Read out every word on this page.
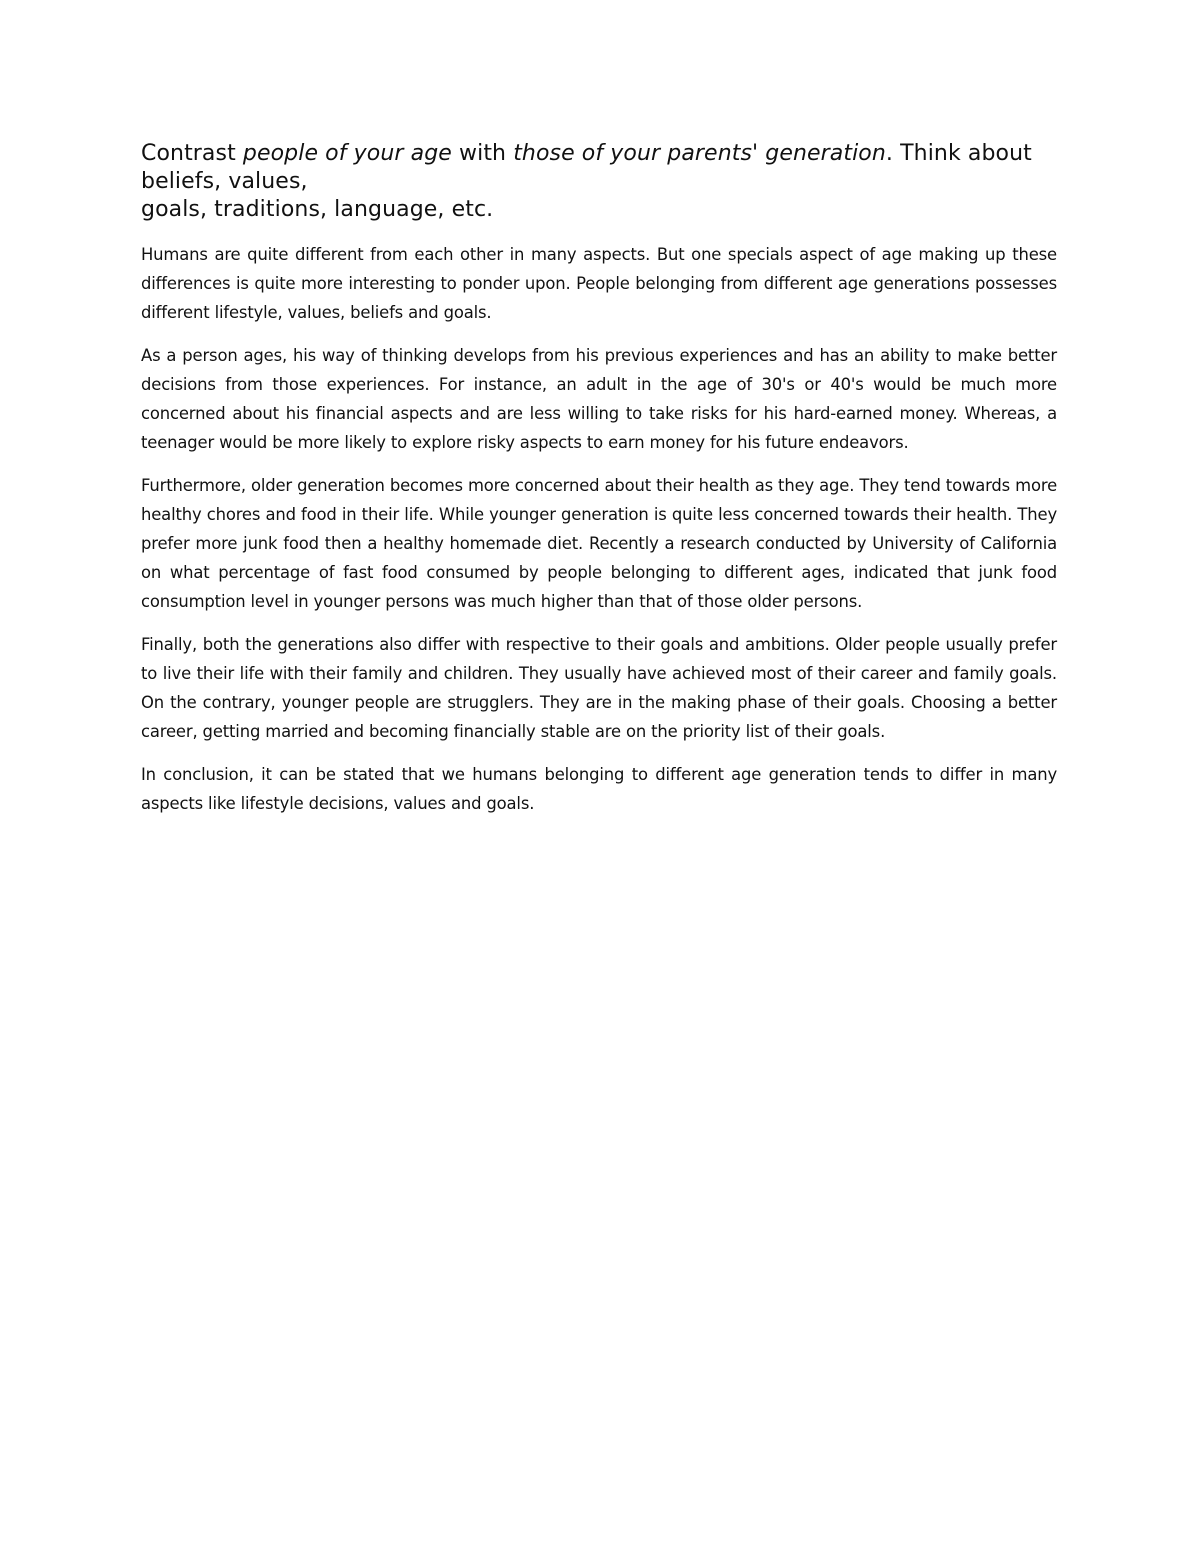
Contrast people of your age with those of your parents' generation. Think about beliefs, values,
goals, traditions, language, etc.

Humans are quite different from each other in many aspects. But one specials aspect of age making up these differences is quite more interesting to ponder upon. People belonging from different age generations possesses different lifestyle, values, beliefs and goals.

As a person ages, his way of thinking develops from his previous experiences and has an ability to make better decisions from those experiences. For instance, an adult in the age of 30's or 40's would be much more concerned about his financial aspects and are less willing to take risks for his hard-earned money. Whereas, a teenager would be more likely to explore risky aspects to earn money for his future endeavors.

Furthermore, older generation becomes more concerned about their health as they age. They tend towards more healthy chores and food in their life. While younger generation is quite less concerned towards their health. They prefer more junk food then a healthy homemade diet. Recently a research conducted by University of California on what percentage of fast food consumed by people belonging to different ages, indicated that junk food consumption level in younger persons was much higher than that of those older persons.

Finally, both the generations also differ with respective to their goals and ambitions. Older people usually prefer to live their life with their family and children. They usually have achieved most of their career and family goals. On the contrary, younger people are strugglers. They are in the making phase of their goals. Choosing a better career, getting married and becoming financially stable are on the priority list of their goals.

In conclusion, it can be stated that we humans belonging to different age generation tends to differ in many aspects like lifestyle decisions, values and goals.
